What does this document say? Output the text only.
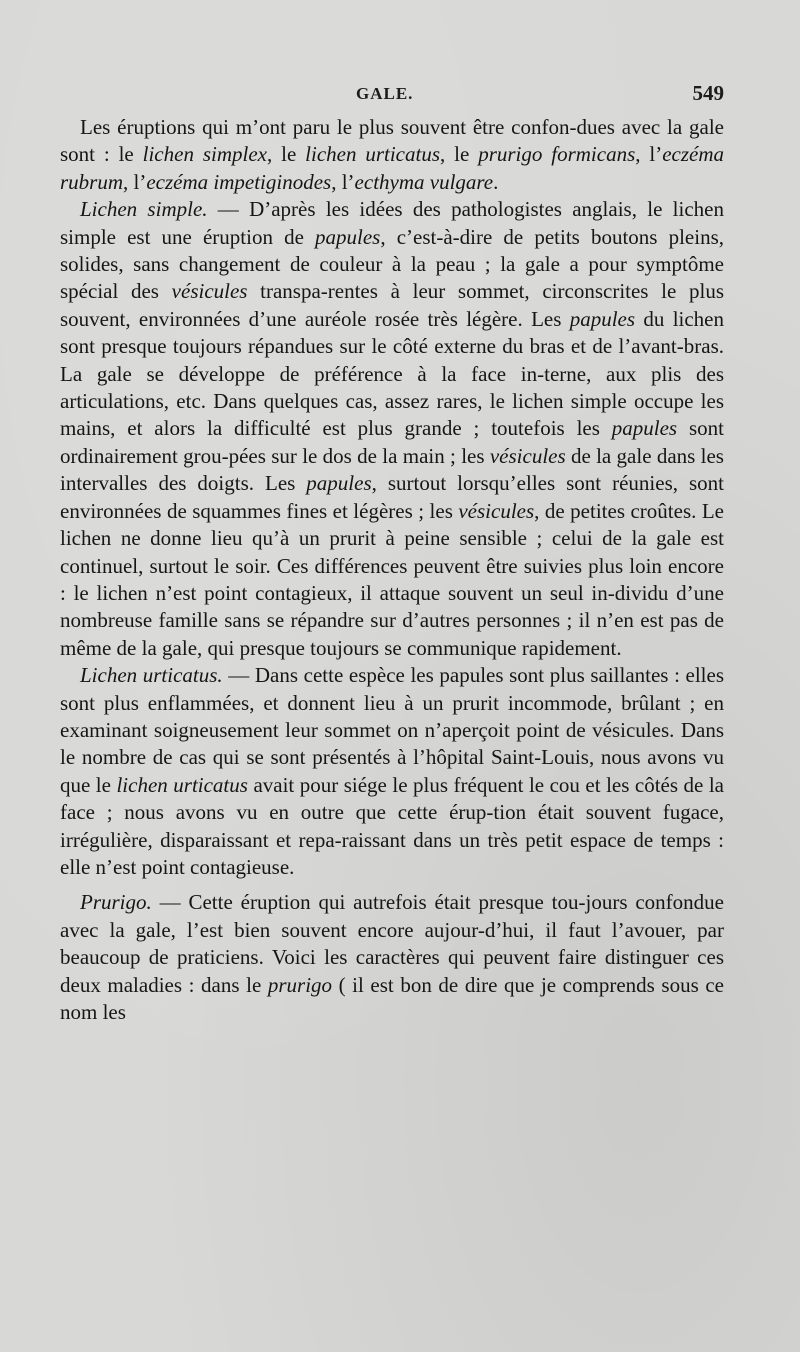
GALE.	549

Les éruptions qui m’ont paru le plus souvent être confon-dues avec la gale sont : le lichen simplex, le lichen urticatus, le prurigo formicans, l’eczéma rubrum, l’eczéma impetiginodes, l’ecthyma vulgare.

Lichen simple. — D’après les idées des pathologistes anglais, le lichen simple est une éruption de papules, c’est-à-dire de petits boutons pleins, solides, sans changement de couleur à la peau ; la gale a pour symptôme spécial des vésicules transpa-rentes à leur sommet, circonscrites le plus souvent, environnées d’une auréole rosée très légère. Les papules du lichen sont presque toujours répandues sur le côté externe du bras et de l’avant-bras. La gale se développe de préférence à la face in-terne, aux plis des articulations, etc. Dans quelques cas, assez rares, le lichen simple occupe les mains, et alors la difficulté est plus grande ; toutefois les papules sont ordinairement grou-pées sur le dos de la main ; les vésicules de la gale dans les intervalles des doigts. Les papules, surtout lorsqu’elles sont réunies, sont environnées de squammes fines et légères ; les vésicules, de petites croûtes. Le lichen ne donne lieu qu’à un prurit à peine sensible ; celui de la gale est continuel, surtout le soir. Ces différences peuvent être suivies plus loin encore : le lichen n’est point contagieux, il attaque souvent un seul in-dividu d’une nombreuse famille sans se répandre sur d’autres personnes ; il n’en est pas de même de la gale, qui presque toujours se communique rapidement.

Lichen urticatus. — Dans cette espèce les papules sont plus saillantes : elles sont plus enflammées, et donnent lieu à un prurit incommode, brûlant ; en examinant soigneusement leur sommet on n’aperçoit point de vésicules. Dans le nombre de cas qui se sont présentés à l’hôpital Saint-Louis, nous avons vu que le lichen urticatus avait pour siége le plus fréquent le cou et les côtés de la face ; nous avons vu en outre que cette érup-tion était souvent fugace, irrégulière, disparaissant et repa-raissant dans un très petit espace de temps : elle n’est point contagieuse.

Prurigo. — Cette éruption qui autrefois était presque tou-jours confondue avec la gale, l’est bien souvent encore aujour-d’hui, il faut l’avouer, par beaucoup de praticiens. Voici les caractères qui peuvent faire distinguer ces deux maladies : dans le prurigo ( il est bon de dire que je comprends sous ce nom les
